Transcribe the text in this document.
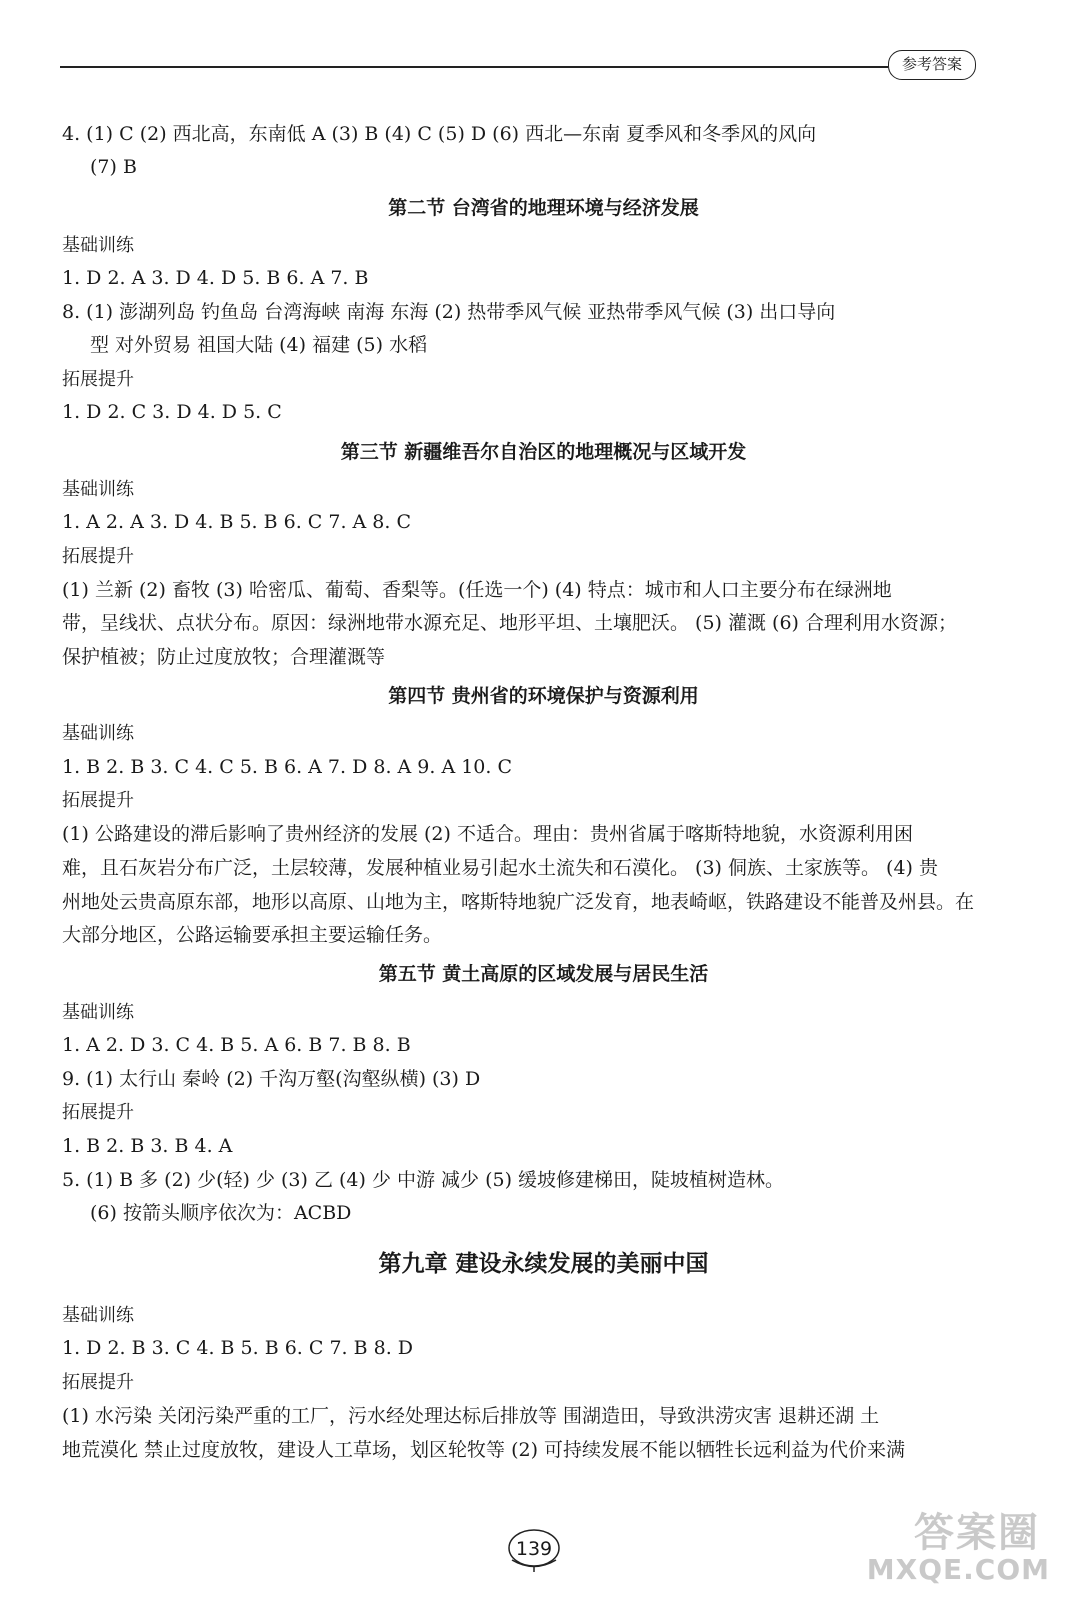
参考答案
4. (1) C (2) 西北高，东南低 A (3) B (4) C (5) D (6) 西北—东南 夏季风和冬季风的风向
(7) B
第二节 台湾省的地理环境与经济发展
基础训练
1. D 2. A 3. D 4. D 5. B 6. A 7. B
8. (1) 澎湖列岛 钓鱼岛 台湾海峡 南海 东海 (2) 热带季风气候 亚热带季风气候 (3) 出口导向
型 对外贸易 祖国大陆 (4) 福建 (5) 水稻
拓展提升
1. D 2. C 3. D 4. D 5. C
第三节 新疆维吾尔自治区的地理概况与区域开发
基础训练
1. A 2. A 3. D 4. B 5. B 6. C 7. A 8. C
拓展提升
(1) 兰新 (2) 畜牧 (3) 哈密瓜、葡萄、香梨等。(任选一个) (4) 特点：城市和人口主要分布在绿洲地
带，呈线状、点状分布。原因：绿洲地带水源充足、地形平坦、土壤肥沃。 (5) 灌溉 (6) 合理利用水资源；
保护植被；防止过度放牧；合理灌溉等
第四节 贵州省的环境保护与资源利用
基础训练
1. B 2. B 3. C 4. C 5. B 6. A 7. D 8. A 9. A 10. C
拓展提升
(1) 公路建设的滞后影响了贵州经济的发展 (2) 不适合。理由：贵州省属于喀斯特地貌，水资源利用困
难，且石灰岩分布广泛，土层较薄，发展种植业易引起水土流失和石漠化。 (3) 侗族、土家族等。 (4) 贵
州地处云贵高原东部，地形以高原、山地为主，喀斯特地貌广泛发育，地表崎岖，铁路建设不能普及州县。在
大部分地区，公路运输要承担主要运输任务。
第五节 黄土高原的区域发展与居民生活
基础训练
1. A 2. D 3. C 4. B 5. A 6. B 7. B 8. B
9. (1) 太行山 秦岭 (2) 千沟万壑(沟壑纵横) (3) D
拓展提升
1. B 2. B 3. B 4. A
5. (1) B 多 (2) 少(轻) 少 (3) 乙 (4) 少 中游 减少 (5) 缓坡修建梯田，陡坡植树造林。
(6) 按箭头顺序依次为：ACBD
第九章 建设永续发展的美丽中国
基础训练
1. D 2. B 3. C 4. B 5. B 6. C 7. B 8. D
拓展提升
(1) 水污染 关闭污染严重的工厂，污水经处理达标后排放等 围湖造田，导致洪涝灾害 退耕还湖 土
地荒漠化 禁止过度放牧，建设人工草场，划区轮牧等 (2) 可持续发展不能以牺牲长远利益为代价来满
139	答案圈
MXQE.COM
